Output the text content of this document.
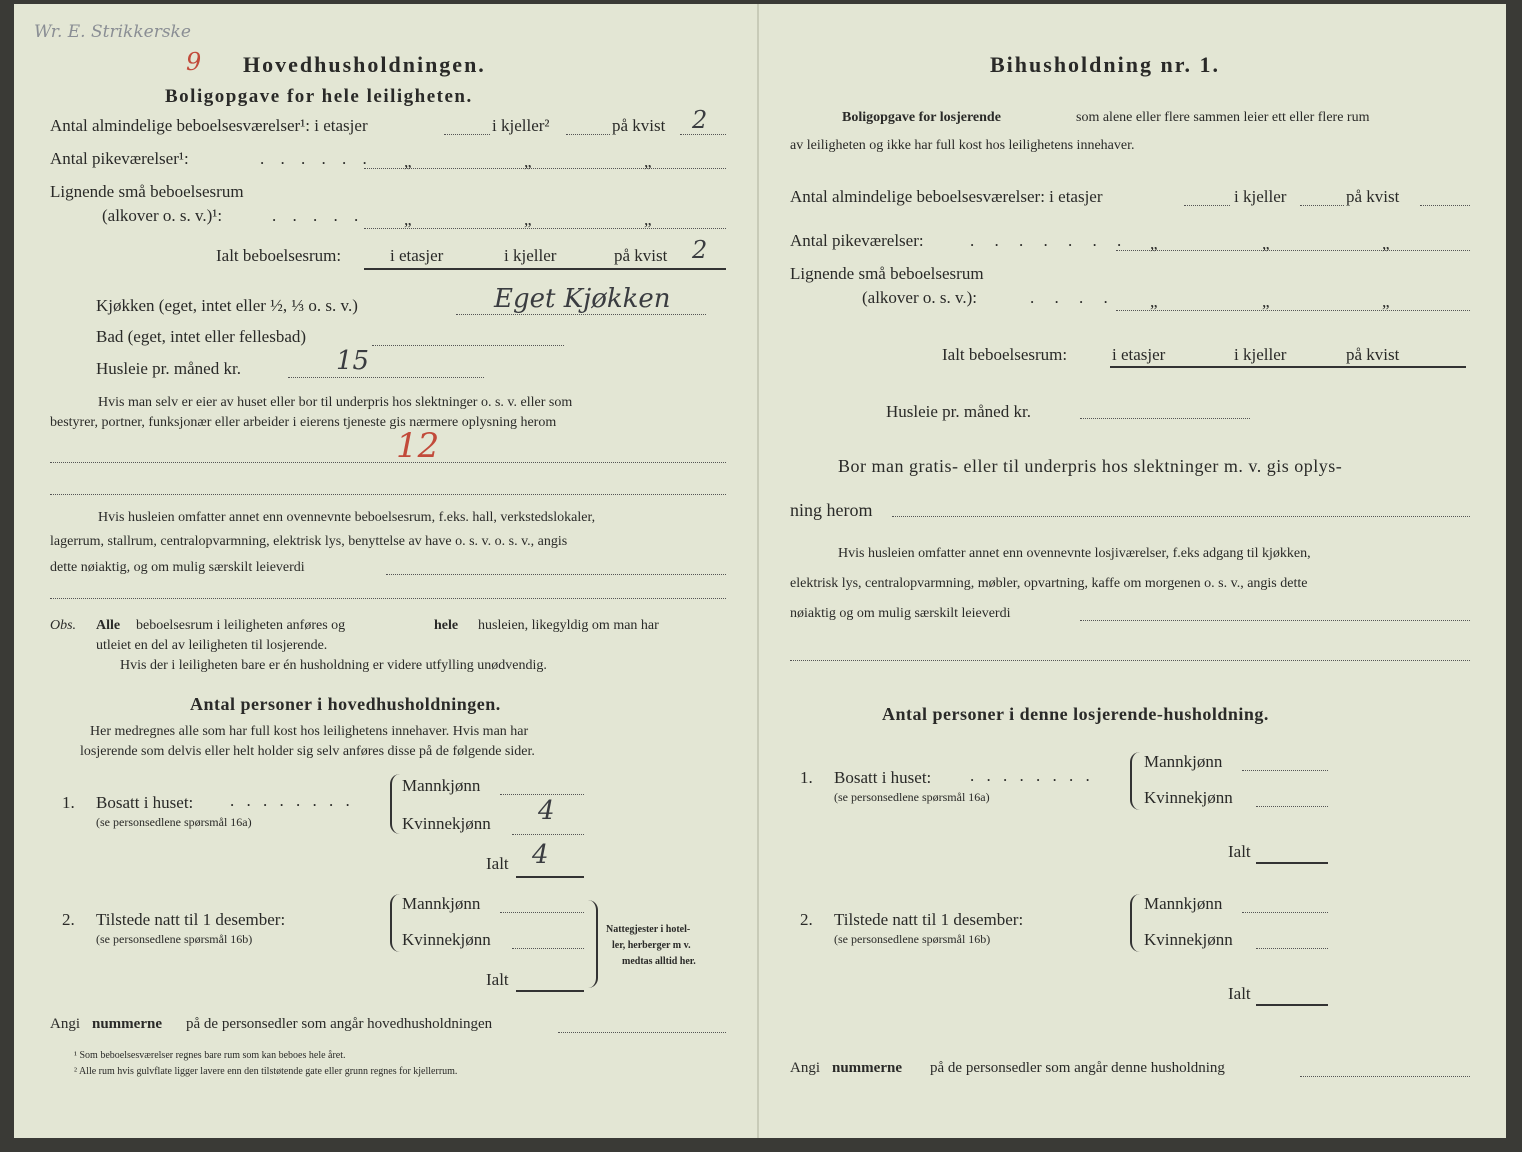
Wr. E. Strikkerske
9 Hovedhusholdningen.
Boligopgave for hele leiligheten.
Antal almindelige beboelsesværelser¹: i etasjer	i kjeller²	på kvist 2
Antal pikeværelser¹:	. . . . . . „	„	„
Lignende små beboelsesrum
(alkover o. s. v.)¹:	. . . . . „	„	„
Ialt beboelsesrum:	i etasjer	i kjeller	på kvist 2
Kjøkken (eget, intet eller ½, ⅓ o. s. v.)	Eget Kjøkken
Bad (eget, intet eller fellesbad)
Husleie pr. måned kr.	15
Hvis man selv er eier av huset eller bor til underpris hos slektninger o. s. v. eller som
bestyrer, portner, funksjonær eller arbeider i eierens tjeneste gis nærmere oplysning herom
12
Hvis husleien omfatter annet enn ovennevnte beboelsesrum, f.eks. hall, verkstedslokaler,
lagerrum, stallrum, centralopvarmning, elektrisk lys, benyttelse av have o. s. v. o. s. v., angis
dette nøiaktig, og om mulig særskilt leieverdi
Obs. Alle beboelsesrum i leiligheten anføres og	hele husleien, likegyldig om man har
utleiet en del av leiligheten til losjerende.
Hvis der i leiligheten bare er én husholdning er videre utfylling unødvendig.
Antal personer i hovedhusholdningen.
Her medregnes alle som har full kost hos leilighetens innehaver. Hvis man har
losjerende som delvis eller helt holder sig selv anføres disse på de følgende sider.
1. Bosatt i huset: . . . . . . . .
(se personsedlene spørsmål 16a)
Mannkjønn
Kvinnekjønn 4
Ialt 4
2. Tilstede natt til 1 desember:
(se personsedlene spørsmål 16b)
Mannkjønn
Kvinnekjønn
Ialt
Nattegjester i hotel-
ler, herberger m v.
medtas alltid her.
Angi nummerne på de personsedler som angår hovedhusholdningen
¹ Som beboelsesværelser regnes bare rum som kan beboes hele året.
² Alle rum hvis gulvflate ligger lavere enn den tilstøtende gate eller grunn regnes for kjellerrum.
Bihusholdning nr. 1.
Boligopgave for losjerende	som alene eller flere sammen leier ett eller flere rum
av leiligheten og ikke har full kost hos leilighetens innehaver.
Antal almindelige beboelsesværelser: i etasjer	i kjeller	på kvist
Antal pikeværelser:	. . . . . . . „	„	„
Lignende små beboelsesrum
(alkover o. s. v.):	. . . . „	„	„
Ialt beboelsesrum:	i etasjer	i kjeller	på kvist
Husleie pr. måned kr.
Bor man gratis- eller til underpris hos slektninger m. v. gis oplys-
ning herom
Hvis husleien omfatter annet enn ovennevnte losjiværelser, f.eks adgang til kjøkken,
elektrisk lys, centralopvarmning, møbler, opvartning, kaffe om morgenen o. s. v., angis dette
nøiaktig og om mulig særskilt leieverdi
Antal personer i denne losjerende-husholdning.
1. Bosatt i huset: . . . . . . . .
(se personsedlene spørsmål 16a)
Mannkjønn
Kvinnekjønn
Ialt
2. Tilstede natt til 1 desember:
(se personsedlene spørsmål 16b)
Mannkjønn
Kvinnekjønn
Ialt
Angi nummerne på de personsedler som angår denne husholdning
